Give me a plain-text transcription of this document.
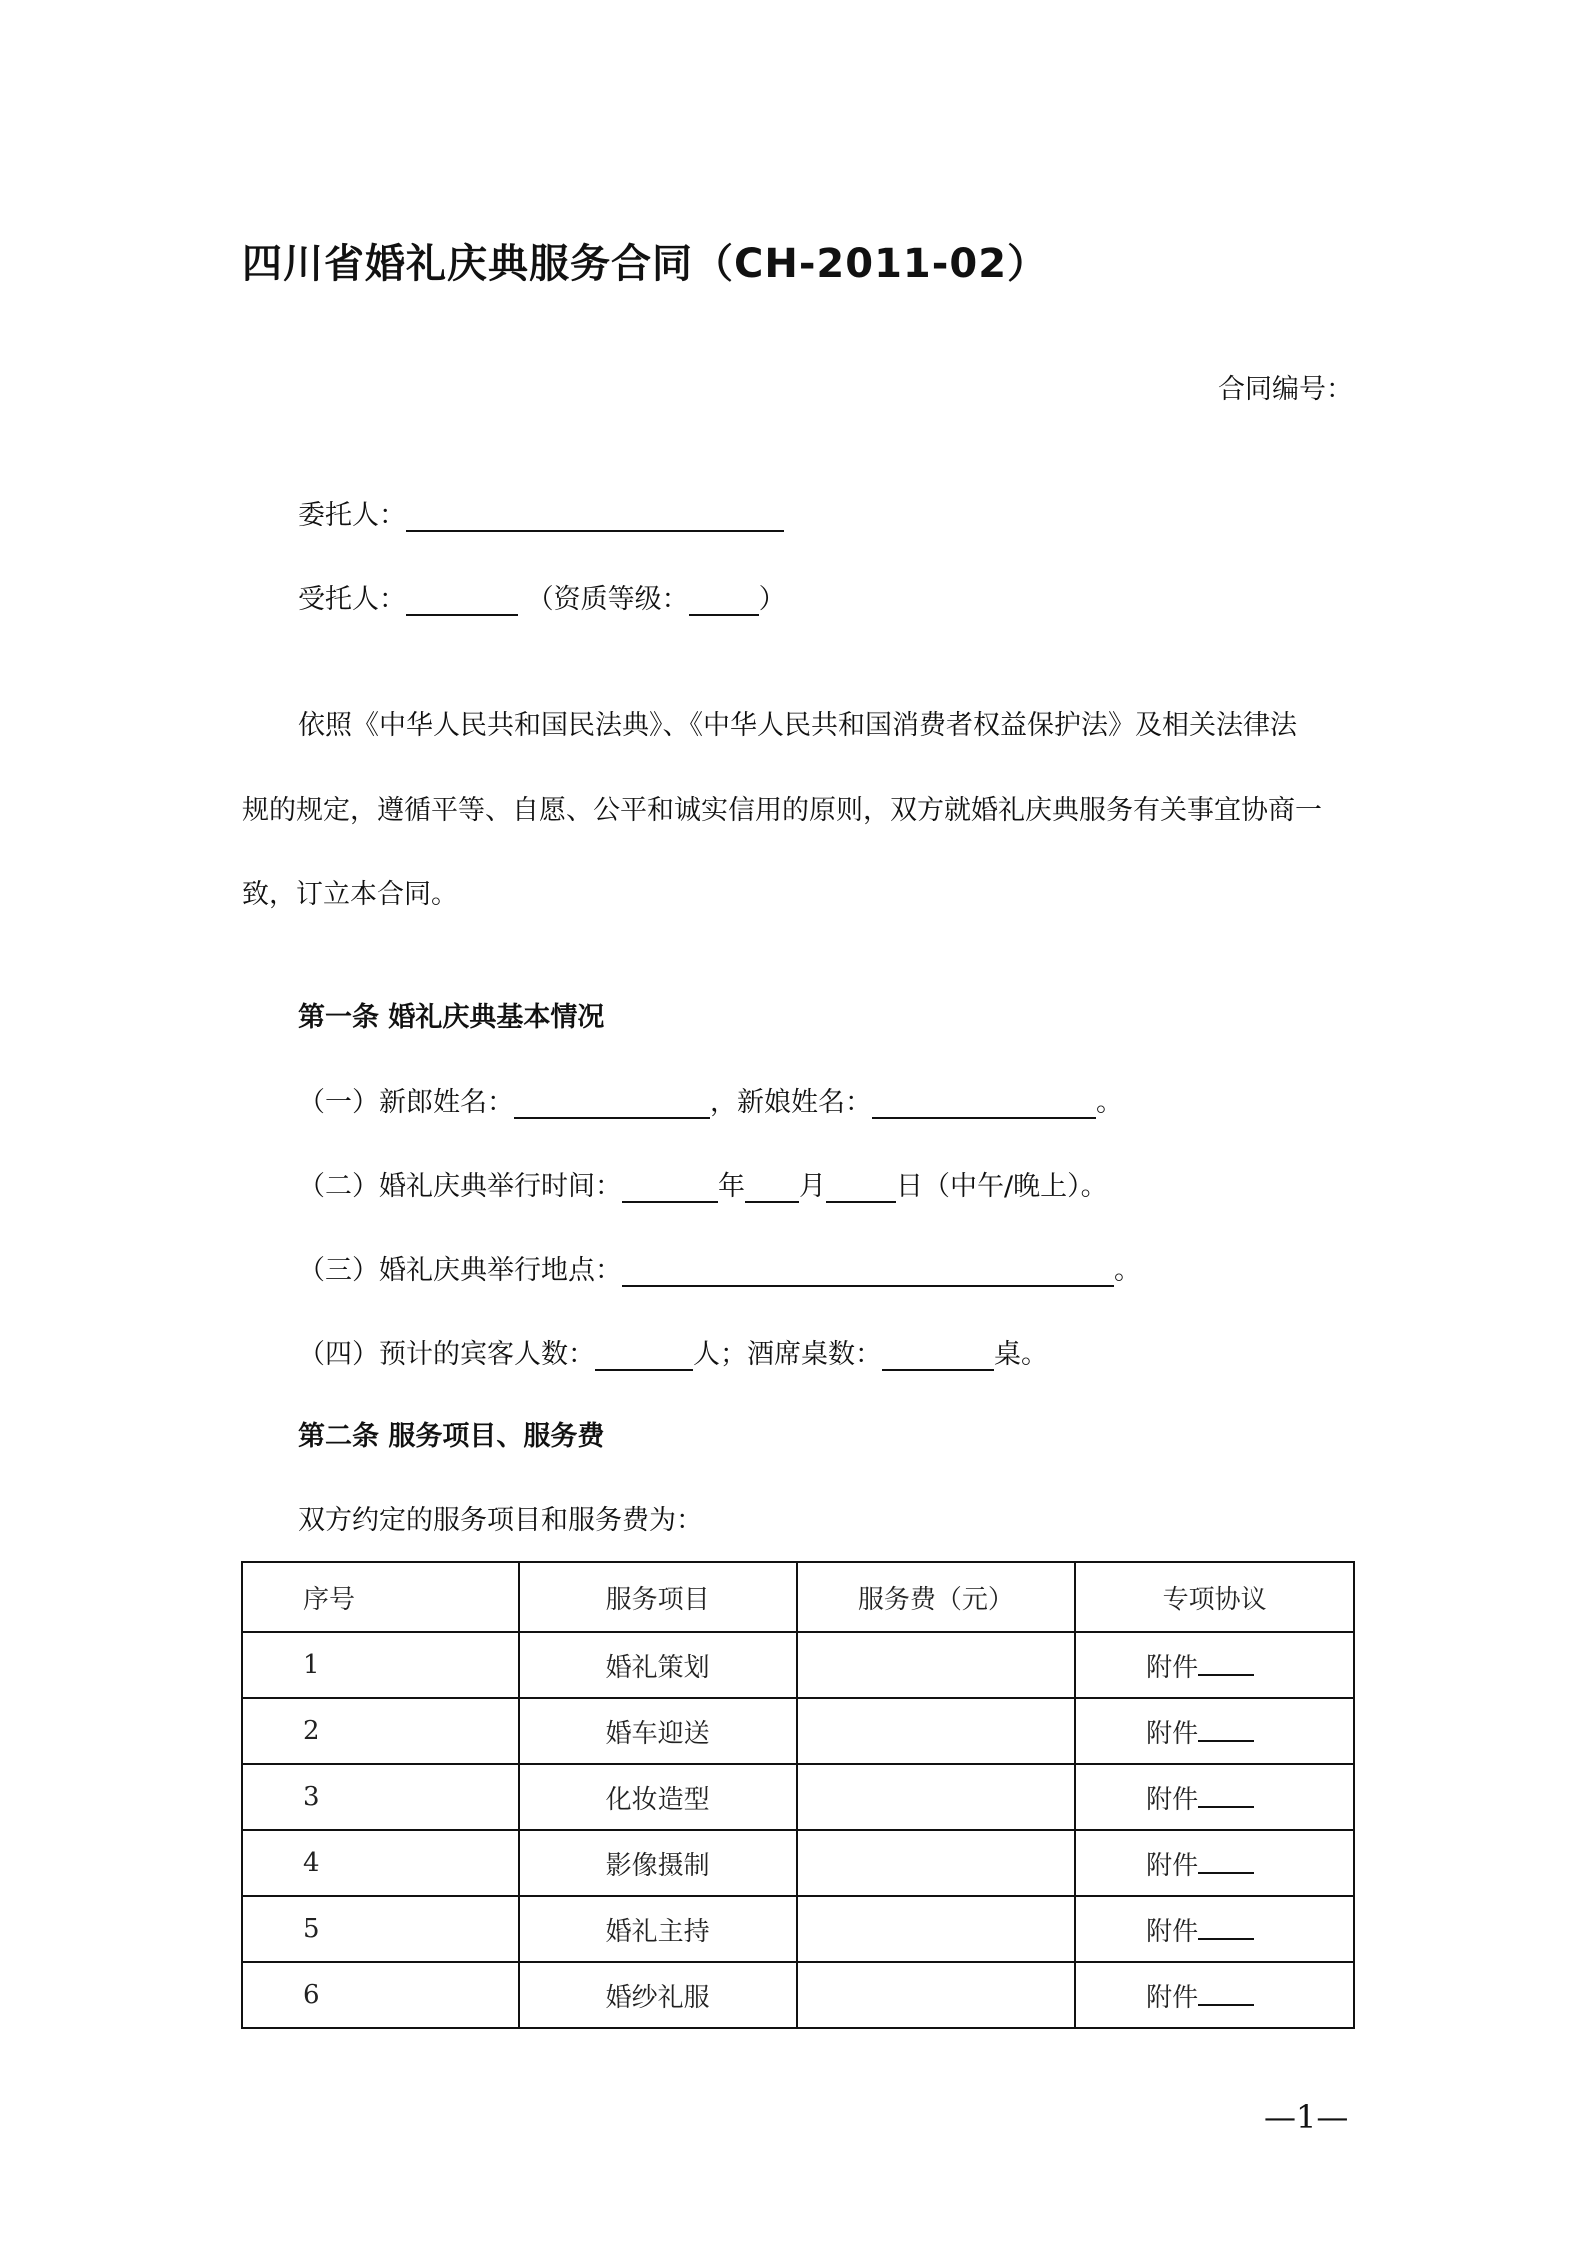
四川省婚礼庆典服务合同（CH-2011-02）
合同编号：
委托人：
受托人：	（资质等级：	）
依照《中华人民共和国民法典》、《中华人民共和国消费者权益保护法》及相关法律法
规的规定，遵循平等、自愿、公平和诚实信用的原则，双方就婚礼庆典服务有关事宜协商一
致，订立本合同。
第一条 婚礼庆典基本情况
（一）新郎姓名：	，新娘姓名：	。
（二）婚礼庆典举行时间：	年 月	日（中午/晚上）。
（三）婚礼庆典举行地点：	。
（四）预计的宾客人数：	人；酒席桌数：	桌。
第二条 服务项目、服务费
双方约定的服务项目和服务费为：
序号	服务项目	服务费（元）	专项协议
1	婚礼策划		附件
2	婚车迎送		附件
3	化妆造型		附件
4	影像摄制		附件
5	婚礼主持		附件
6	婚纱礼服		附件
—1—
